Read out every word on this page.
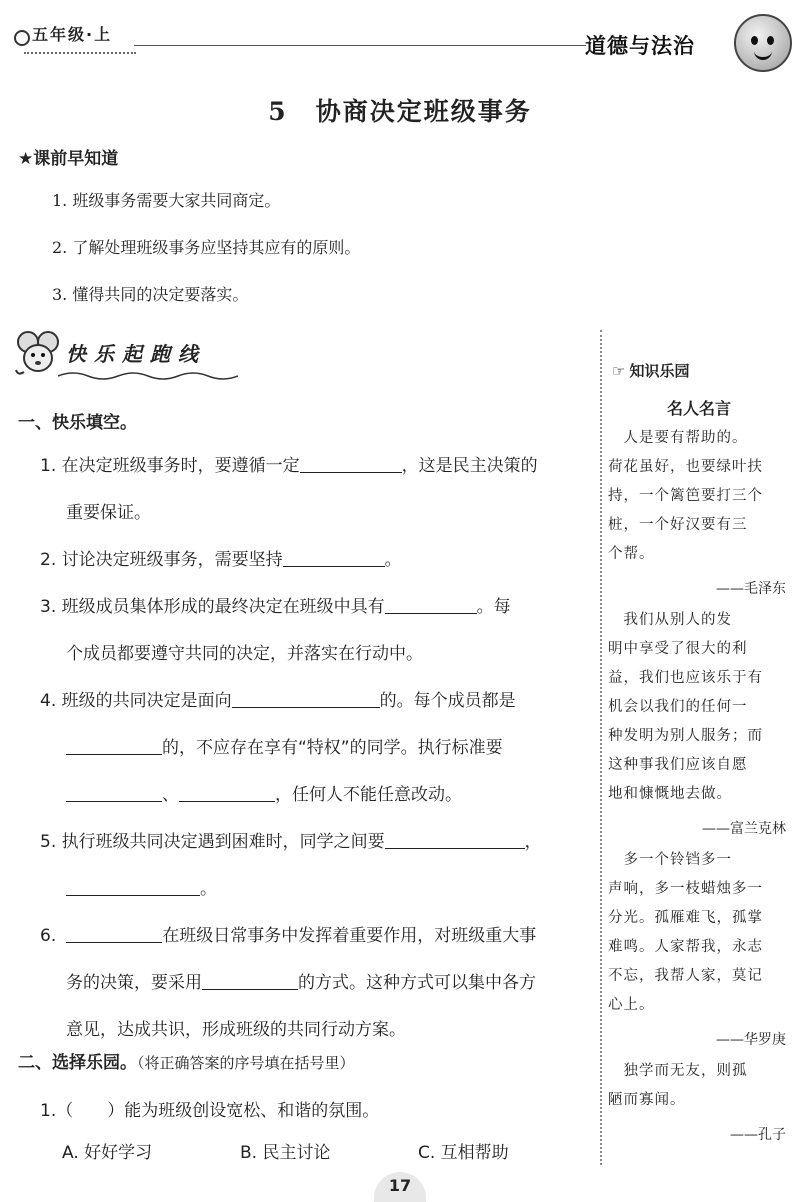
五年级·上	道德与法治
5 协商决定班级事务
★课前早知道
1. 班级事务需要大家共同商定。
2. 了解处理班级事务应坚持其应有的原则。
3. 懂得共同的决定要落实。
快乐起跑线
一、快乐填空。
1. 在决定班级事务时，要遵循一定	，这是民主决策的
重要保证。
2. 讨论决定班级事务，需要坚持	。
3. 班级成员集体形成的最终决定在班级中具有	。每
个成员都要遵守共同的决定，并落实在行动中。
4. 班级的共同决定是面向	的。每个成员都是
的，不应存在享有“特权”的同学。执行标准要
、	，任何人不能任意改动。
5. 执行班级共同决定遇到困难时，同学之间要	，
。
6.	在班级日常事务中发挥着重要作用，对班级重大事
务的决策，要采用	的方式。这种方式可以集中各方
意见，达成共识，形成班级的共同行动方案。
二、选择乐园。（将正确答案的序号填在括号里）
1.（　　）能为班级创设宽松、和谐的氛围。
A. 好好学习	B. 民主讨论	C. 互相帮助
☞ 知识乐园
名人名言
　人是要有帮助的。
荷花虽好，也要绿叶扶
持，一个篱笆要打三个
桩，一个好汉要有三
个帮。
——毛泽东
　我们从别人的发
明中享受了很大的利
益，我们也应该乐于有
机会以我们的任何一
种发明为别人服务；而
这种事我们应该自愿
地和慷慨地去做。
——富兰克林
　多一个铃铛多一
声响，多一枝蜡烛多一
分光。孤雁难飞，孤掌
难鸣。人家帮我，永志
不忘，我帮人家，莫记
心上。
——华罗庚
　独学而无友，则孤
陋而寡闻。
——孔子
17
